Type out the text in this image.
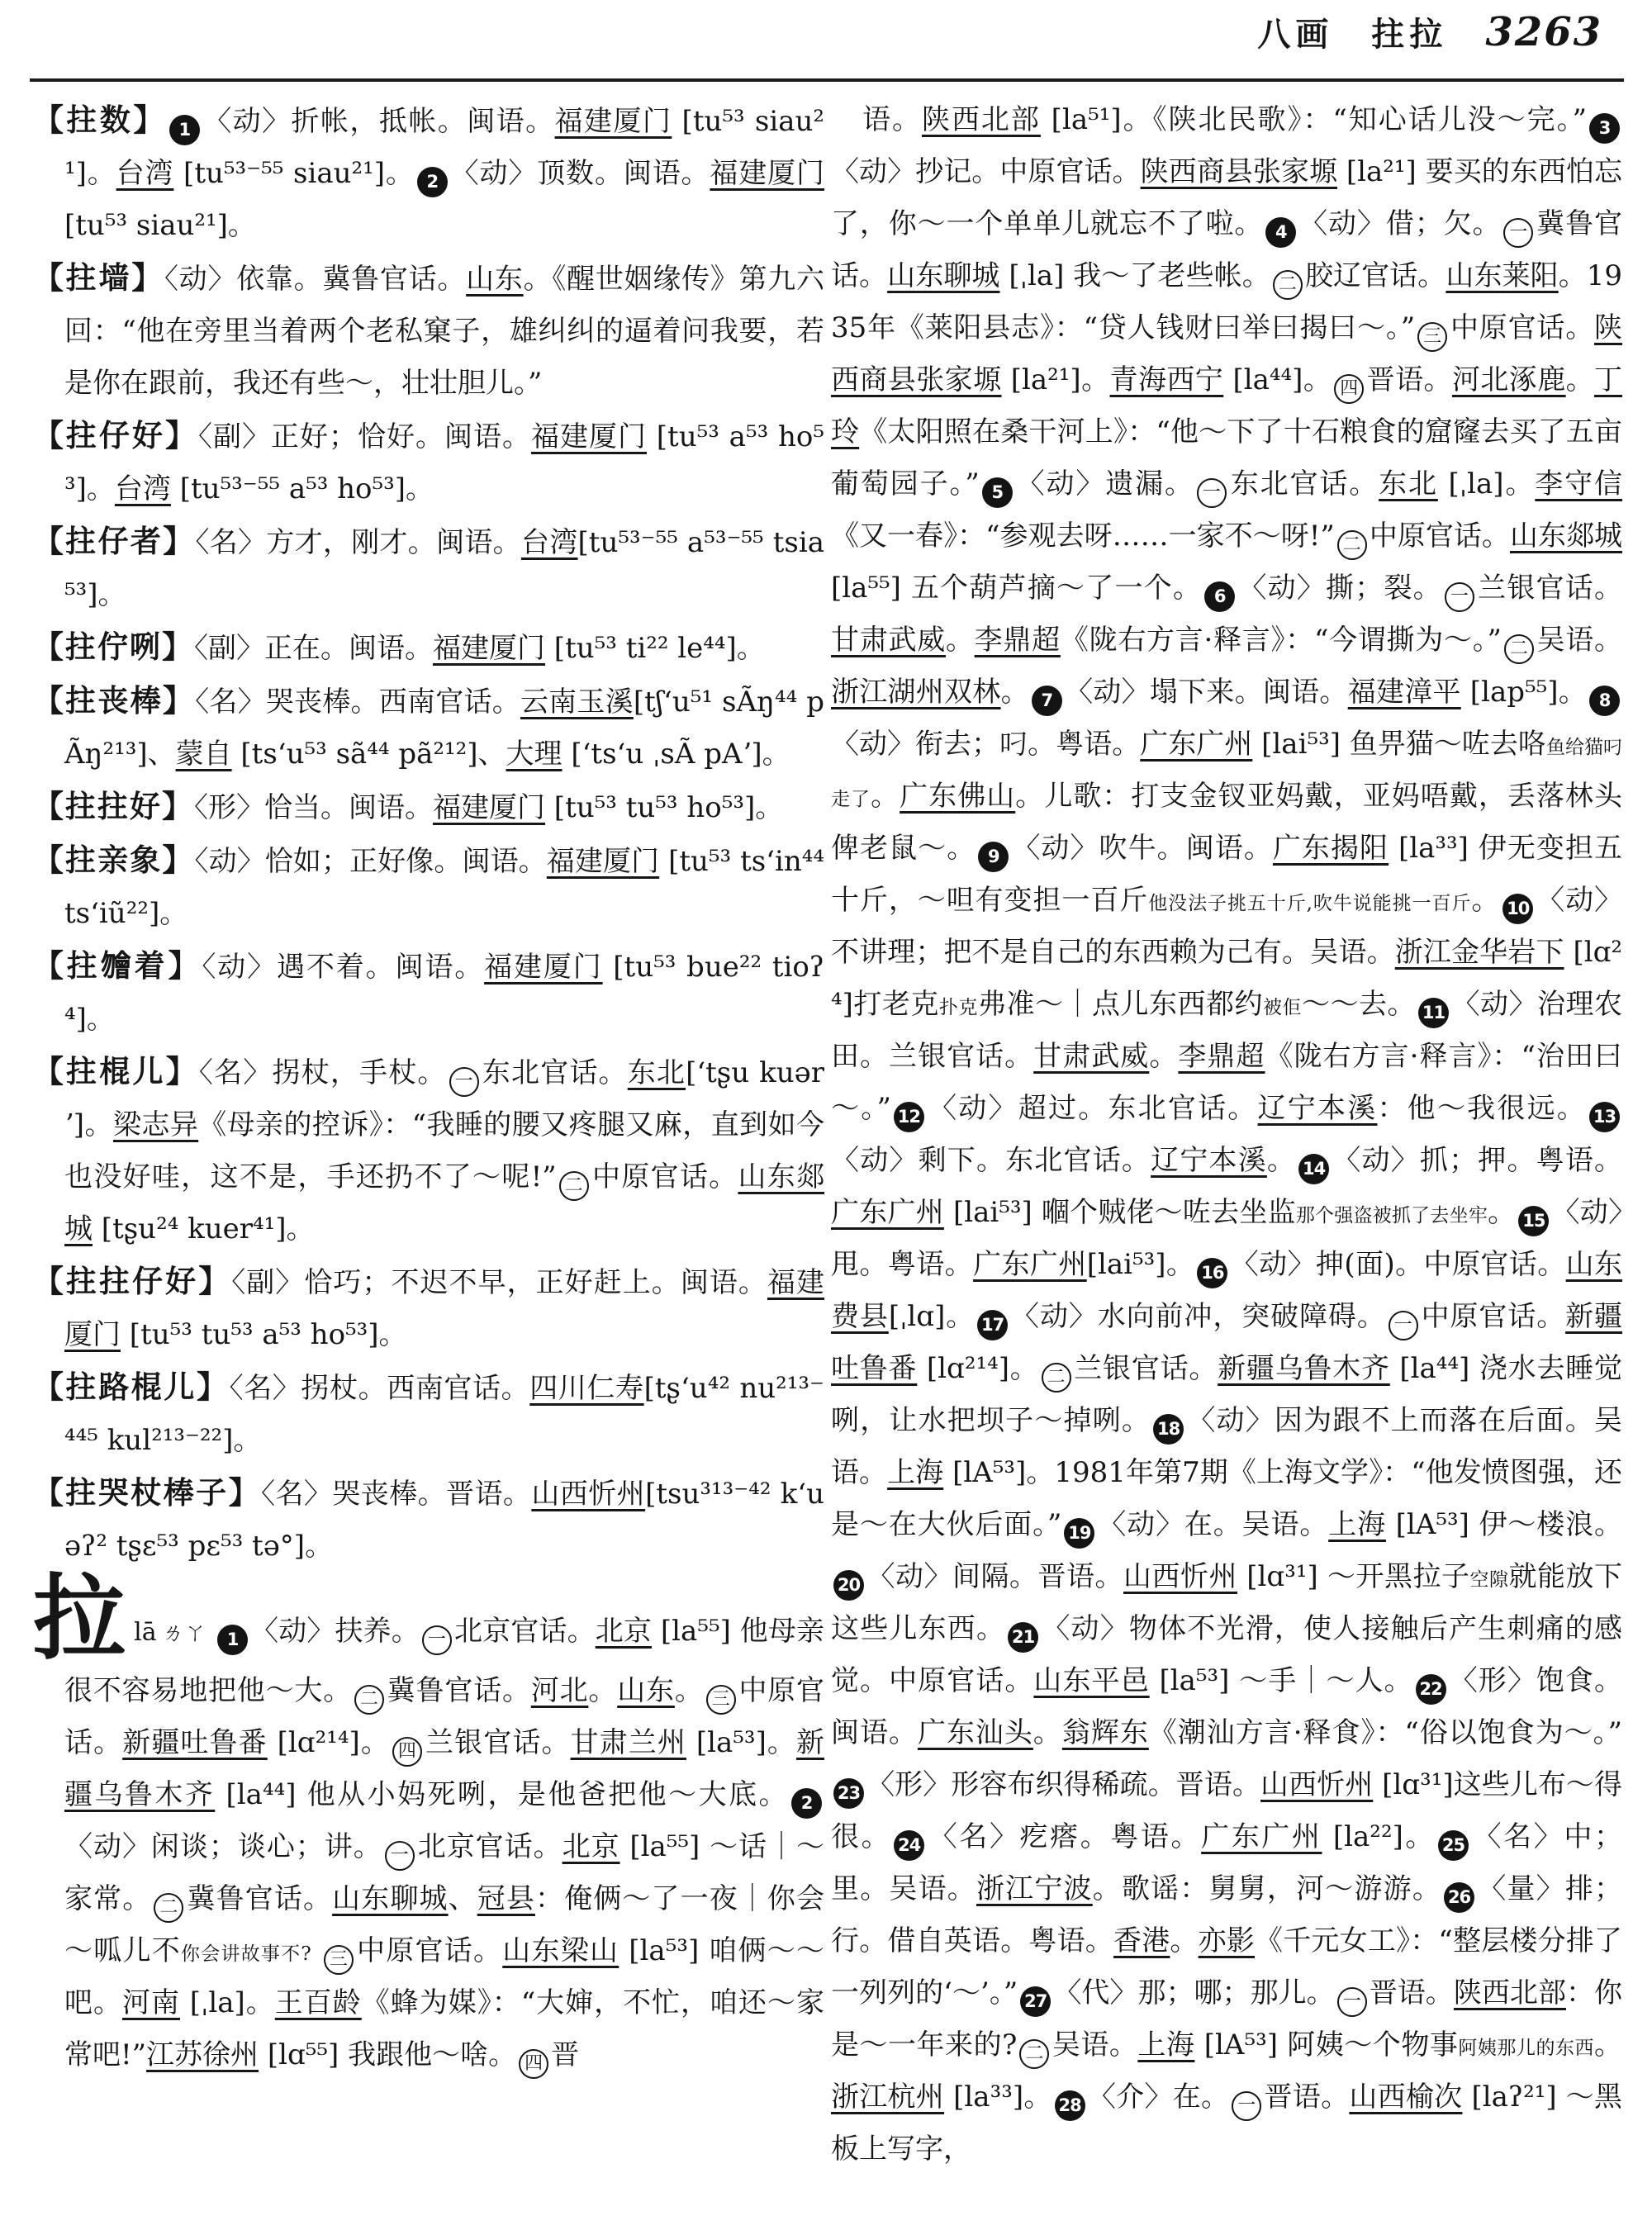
八画 拄拉 3263
【拄数】 1 〈动〉折帐，抵帐。闽语。福建厦门 [tu⁵³ siau²¹]。台湾 [tu⁵³⁻⁵⁵ siau²¹]。 2 〈动〉顶数。闽语。福建厦门 [tu⁵³ siau²¹]。
【拄墙】〈动〉依靠。冀鲁官话。山东。《醒世姻缘传》第九六回：“他在旁里当着两个老私窠子，雄纠纠的逼着问我要，若是你在跟前，我还有些～，壮壮胆儿。”
【拄仔好】〈副〉正好；恰好。闽语。福建厦门 [tu⁵³ a⁵³ ho⁵³]。台湾 [tu⁵³⁻⁵⁵ a⁵³ ho⁵³]。
【拄仔者】〈名〉方才，刚才。闽语。台湾[tu⁵³⁻⁵⁵ a⁵³⁻⁵⁵ tsia⁵³]。
【拄佇咧】〈副〉正在。闽语。福建厦门 [tu⁵³ ti²² le⁴⁴]。
【拄丧棒】〈名〉哭丧棒。西南官话。云南玉溪[tʃʻu⁵¹ sÃŋ⁴⁴ pÃŋ²¹³]、蒙自 [tsʻu⁵³ sã⁴⁴ pã²¹²]、大理 [ʻtsʻu ˌsÃ pAʼ]。
【拄拄好】〈形〉恰当。闽语。福建厦门 [tu⁵³ tu⁵³ ho⁵³]。
【拄亲象】〈动〉恰如；正好像。闽语。福建厦门 [tu⁵³ tsʻin⁴⁴ tsʻiũ²²]。
【拄𣍐着】〈动〉遇不着。闽语。福建厦门 [tu⁵³ bue²² tioʔ⁴]。
【拄棍儿】〈名〉拐杖，手杖。 一 东北官话。东北[ʻtʂu kuərʼ]。梁志异《母亲的控诉》：“我睡的腰又疼腿又麻，直到如今也没好哇，这不是，手还扔不了～呢!” 二 中原官话。山东郯城 [tʂu²⁴ kuer⁴¹]。
【拄拄仔好】〈副〉恰巧；不迟不早，正好赶上。闽语。福建厦门 [tu⁵³ tu⁵³ a⁵³ ho⁵³]。
【拄路棍儿】〈名〉拐杖。西南官话。四川仁寿[tʂʻu⁴² nu²¹³⁻⁴⁴⁵ kul²¹³⁻²²]。
【拄哭杖棒子】〈名〉哭丧棒。晋语。山西忻州[tsu³¹³⁻⁴² kʻuəʔ² tʂɛ⁵³ pɛ⁵³ tə°]。
拉lā ㄌㄚ 1 〈动〉扶养。 一 北京官话。北京 [la⁵⁵] 他母亲很不容易地把他～大。 二 冀鲁官话。河北。山东。 三 中原官话。新疆吐鲁番 [lɑ²¹⁴]。 四 兰银官话。甘肃兰州 [la⁵³]。新疆乌鲁木齐 [la⁴⁴] 他从小妈死咧，是他爸把他～大底。 2〈动〉闲谈；谈心；讲。 一 北京官话。北京 [la⁵⁵] ～话｜～家常。 二 冀鲁官话。山东聊城、冠县：俺俩～了一夜｜你会～呱儿不你会讲故事不? 三 中原官话。山东梁山 [la⁵³] 咱俩～～吧。河南 [ˌla]。王百龄《蜂为媒》：“大婶，不忙，咱还～家常吧!”江苏徐州 [lɑ⁵⁵] 我跟他～啥。 四 晋
语。陕西北部 [la⁵¹]。《陕北民歌》：“知心话儿没～完。” 3〈动〉抄记。中原官话。陕西商县张家塬 [la²¹] 要买的东西怕忘了，你～一个单单儿就忘不了啦。 4 〈动〉借；欠。 一 冀鲁官话。山东聊城 [ˌla] 我～了老些帐。 二 胶辽官话。山东莱阳。1935年《莱阳县志》：“贷人钱财曰举曰揭曰～。” 三 中原官话。陕西商县张家塬 [la²¹]。青海西宁 [la⁴⁴]。 四 晋语。河北涿鹿。丁玲《太阳照在桑干河上》：“他～下了十石粮食的窟窿去买了五亩葡萄园子。” 5 〈动〉遗漏。 一 东北官话。东北 [ˌla]。李守信《又一春》：“参观去呀……一家不～呀!” 二 中原官话。山东郯城 [la⁵⁵] 五个葫芦摘～了一个。 6 〈动〉撕；裂。 一 兰银官话。甘肃武威。李鼎超《陇右方言·释言》：“今谓撕为～。” 二 吴语。浙江湖州双林。 7 〈动〉塌下来。闽语。福建漳平 [lap⁵⁵]。 8〈动〉衔去；叼。粤语。广东广州 [lai⁵³] 鱼畀猫～咗去咯鱼给猫叼走了。广东佛山。儿歌：打支金钗亚妈戴，亚妈唔戴，丢落林头俾老鼠～。 9 〈动〉吹牛。闽语。广东揭阳 [la³³] 伊无变担五十斤，～呾有变担一百斤他没法子挑五十斤,吹牛说能挑一百斤。 10 〈动〉不讲理；把不是自己的东西赖为己有。吴语。浙江金华岩下 [lɑ²⁴]打老克扑克弗准～｜点儿东西都约被佢～～去。 11 〈动〉治理农田。兰银官话。甘肃武威。李鼎超《陇右方言·释言》：“治田曰～。” 12 〈动〉超过。东北官话。辽宁本溪：他～我很远。 13〈动〉剩下。东北官话。辽宁本溪。 14 〈动〉抓；押。粤语。广东广州 [lai⁵³] 嗰个贼佬～咗去坐监那个强盗被抓了去坐牢。 15 〈动〉甩。粤语。广东广州[lai⁵³]。 16 〈动〉抻(面)。中原官话。山东费县[ˌlɑ]。 17 〈动〉水向前冲，突破障碍。 一 中原官话。新疆吐鲁番 [lɑ²¹⁴]。 二 兰银官话。新疆乌鲁木齐 [la⁴⁴] 浇水去睡觉咧，让水把坝子～掉咧。 18 〈动〉因为跟不上而落在后面。吴语。上海 [lA⁵³]。1981年第7期《上海文学》：“他发愤图强，还是～在大伙后面。” 19 〈动〉在。吴语。上海 [lA⁵³] 伊～楼浪。20 〈动〉间隔。晋语。山西忻州 [lɑ³¹] ～开黑拉子空隙就能放下这些儿东西。 21 〈动〉物体不光滑，使人接触后产生刺痛的感觉。中原官话。山东平邑 [la⁵³] ～手｜～人。 22 〈形〉饱食。闽语。广东汕头。翁辉东《潮汕方言·释食》：“俗以饱食为～。”23 〈形〉形容布织得稀疏。晋语。山西忻州 [lɑ³¹]这些儿布～得很。 24 〈名〉疙瘩。粤语。广东广州 [la²²]。 25 〈名〉中；里。吴语。浙江宁波。歌谣：舅舅，河～游游。 26 〈量〉排；行。借自英语。粤语。香港。亦影《千元女工》：“整层楼分排了一列列的‘～’。” 27 〈代〉那；哪；那儿。 一 晋语。陕西北部：你是～一年来的? 二 吴语。上海 [lA⁵³] 阿姨～个物事阿姨那儿的东西。浙江杭州 [la³³]。 28 〈介〉在。 一 晋语。山西榆次 [laʔ²¹] ～黑板上写字，
